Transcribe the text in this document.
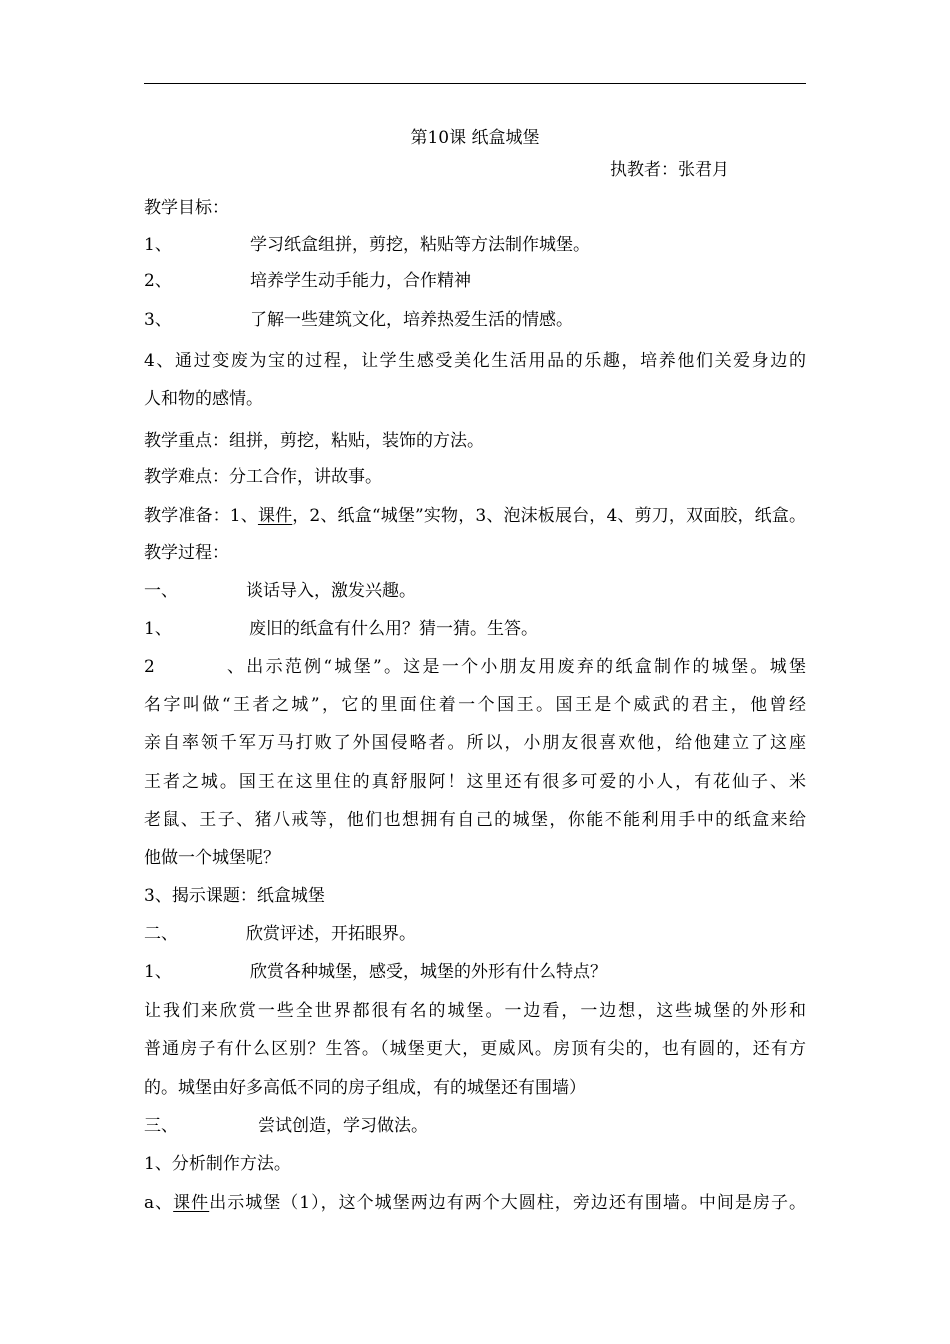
第10课 纸盒城堡
执教者：张君月
教学目标：
1、	学习纸盒组拼，剪挖，粘贴等方法制作城堡。
2、	培养学生动手能力，合作精神
3、	了解一些建筑文化，培养热爱生活的情感。
4、通过变废为宝的过程，让学生感受美化生活用品的乐趣，培养他们关爱身边的
人和物的感情。
教学重点：组拼，剪挖，粘贴，装饰的方法。
教学难点：分工合作，讲故事。
教学准备：1、课件，2、纸盒“城堡”实物，3、泡沫板展台，4、剪刀，双面胶，纸盒。
教学过程：
一、	谈话导入，激发兴趣。
1、	废旧的纸盒有什么用？猜一猜。生答。
2、出示范例“城堡”。这是一个小朋友用废弃的纸盒制作的城堡。城堡
名字叫做“王者之城”，它的里面住着一个国王。国王是个威武的君主，他曾经
亲自率领千军万马打败了外国侵略者。所以，小朋友很喜欢他，给他建立了这座
王者之城。国王在这里住的真舒服阿！这里还有很多可爱的小人，有花仙子、米
老鼠、王子、猪八戒等，他们也想拥有自己的城堡，你能不能利用手中的纸盒来给
他做一个城堡呢？
3、揭示课题：纸盒城堡
二、	欣赏评述，开拓眼界。
1、	欣赏各种城堡，感受，城堡的外形有什么特点？
让我们来欣赏一些全世界都很有名的城堡。一边看，一边想，这些城堡的外形和
普通房子有什么区别？生答。（城堡更大，更威风。房顶有尖的，也有圆的，还有方
的。城堡由好多高低不同的房子组成，有的城堡还有围墙）
三、	尝试创造，学习做法。
1、分析制作方法。
a、课件出示城堡（1），这个城堡两边有两个大圆柱，旁边还有围墙。中间是房子。
